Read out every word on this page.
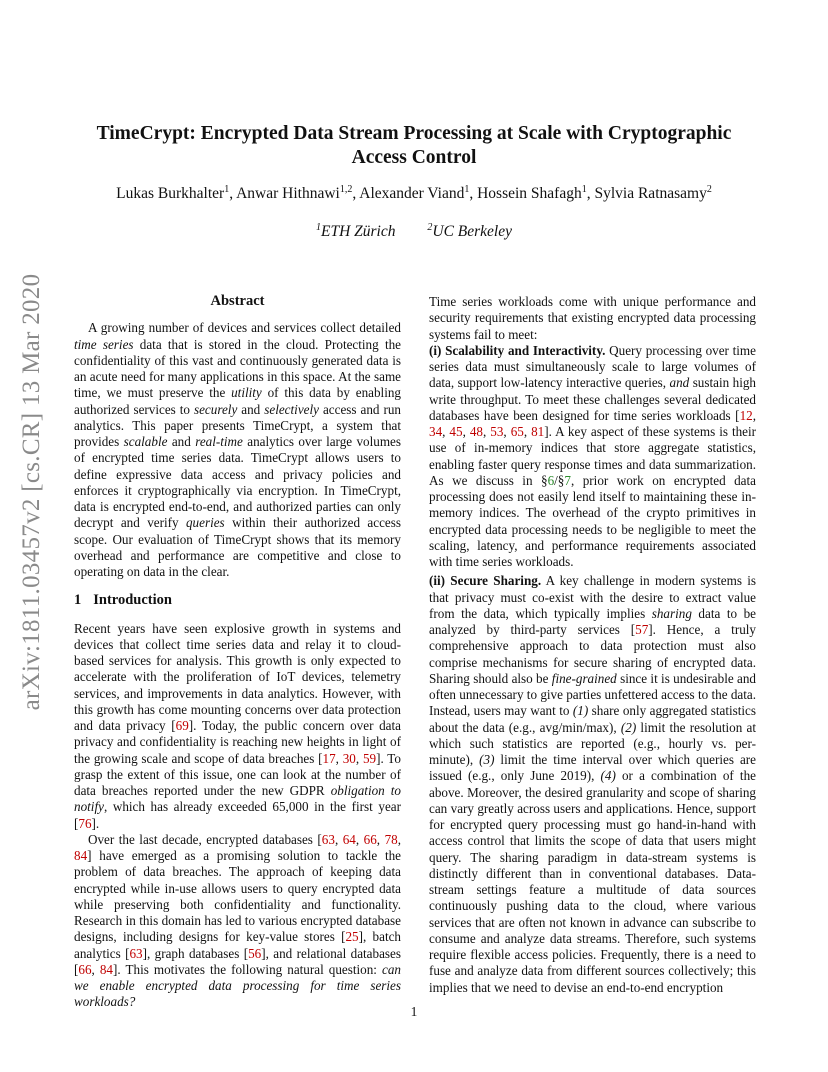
arXiv:1811.03457v2 [cs.CR] 13 Mar 2020
TimeCrypt: Encrypted Data Stream Processing at Scale with Cryptographic
Access Control
Lukas Burkhalter$^1$, Anwar Hithnawi$^{1,2}$, Alexander Viand$^1$, Hossein Shafagh$^1$, Sylvia Ratnasamy$^2$
$^1$ETH Zürich	$^2$UC Berkeley

Abstract

A growing number of devices and services collect detailed time series data that is stored in the cloud. Protecting the confidentiality of this vast and continuously generated data is an acute need for many applications in this space. At the same time, we must preserve the utility of this data by enabling authorized services to securely and selectively access and run analytics. This paper presents TimeCrypt, a system that provides scalable and real-time analytics over large volumes of encrypted time series data. TimeCrypt allows users to define expressive data access and privacy policies and enforces it cryptographically via encryption. In TimeCrypt, data is encrypted end-to-end, and authorized parties can only decrypt and verify queries within their authorized access scope. Our evaluation of TimeCrypt shows that its memory overhead and performance are competitive and close to operating on data in the clear.

1 Introduction

Recent years have seen explosive growth in systems and devices that collect time series data and relay it to cloud-based services for analysis. This growth is only expected to accelerate with the proliferation of IoT devices, telemetry services, and improvements in data analytics. However, with this growth has come mounting concerns over data protection and data privacy [69]. Today, the public concern over data privacy and confidentiality is reaching new heights in light of the growing scale and scope of data breaches [17, 30, 59]. To grasp the extent of this issue, one can look at the number of data breaches reported under the new GDPR obligation to notify, which has already exceeded 65,000 in the first year [76].

Over the last decade, encrypted databases [63, 64, 66, 78, 84] have emerged as a promising solution to tackle the problem of data breaches. The approach of keeping data encrypted while in-use allows users to query encrypted data while preserving both confidentiality and functionality. Research in this domain has led to various encrypted database designs, including designs for key-value stores [25], batch analytics [63], graph databases [56], and relational databases [66, 84]. This motivates the following natural question: can we enable encrypted data processing for time series workloads?

Time series workloads come with unique performance and security requirements that existing encrypted data processing systems fail to meet:

(i) Scalability and Interactivity. Query processing over time series data must simultaneously scale to large volumes of data, support low-latency interactive queries, and sustain high write throughput. To meet these challenges several dedicated databases have been designed for time series workloads [12, 34, 45, 48, 53, 65, 81]. A key aspect of these systems is their use of in-memory indices that store aggregate statistics, enabling faster query response times and data summarization. As we discuss in §6/§7, prior work on encrypted data processing does not easily lend itself to maintaining these in-memory indices. The overhead of the crypto primitives in encrypted data processing needs to be negligible to meet the scaling, latency, and performance requirements associated with time series workloads.

(ii) Secure Sharing. A key challenge in modern systems is that privacy must co-exist with the desire to extract value from the data, which typically implies sharing data to be analyzed by third-party services [57]. Hence, a truly comprehensive approach to data protection must also comprise mechanisms for secure sharing of encrypted data. Sharing should also be fine-grained since it is undesirable and often unnecessary to give parties unfettered access to the data. Instead, users may want to (1) share only aggregated statistics about the data (e.g., avg/min/max), (2) limit the resolution at which such statistics are reported (e.g., hourly vs. per-minute), (3) limit the time interval over which queries are issued (e.g., only June 2019), (4) or a combination of the above. Moreover, the desired granularity and scope of sharing can vary greatly across users and applications. Hence, support for encrypted query processing must go hand-in-hand with access control that limits the scope of data that users might query. The sharing paradigm in data-stream systems is distinctly different than in conventional databases. Data-stream settings feature a multitude of data sources continuously pushing data to the cloud, where various services that are often not known in advance can subscribe to consume and analyze data streams. Therefore, such systems require flexible access policies. Frequently, there is a need to fuse and analyze data from different sources collectively; this implies that we need to devise an end-to-end encryption

1
